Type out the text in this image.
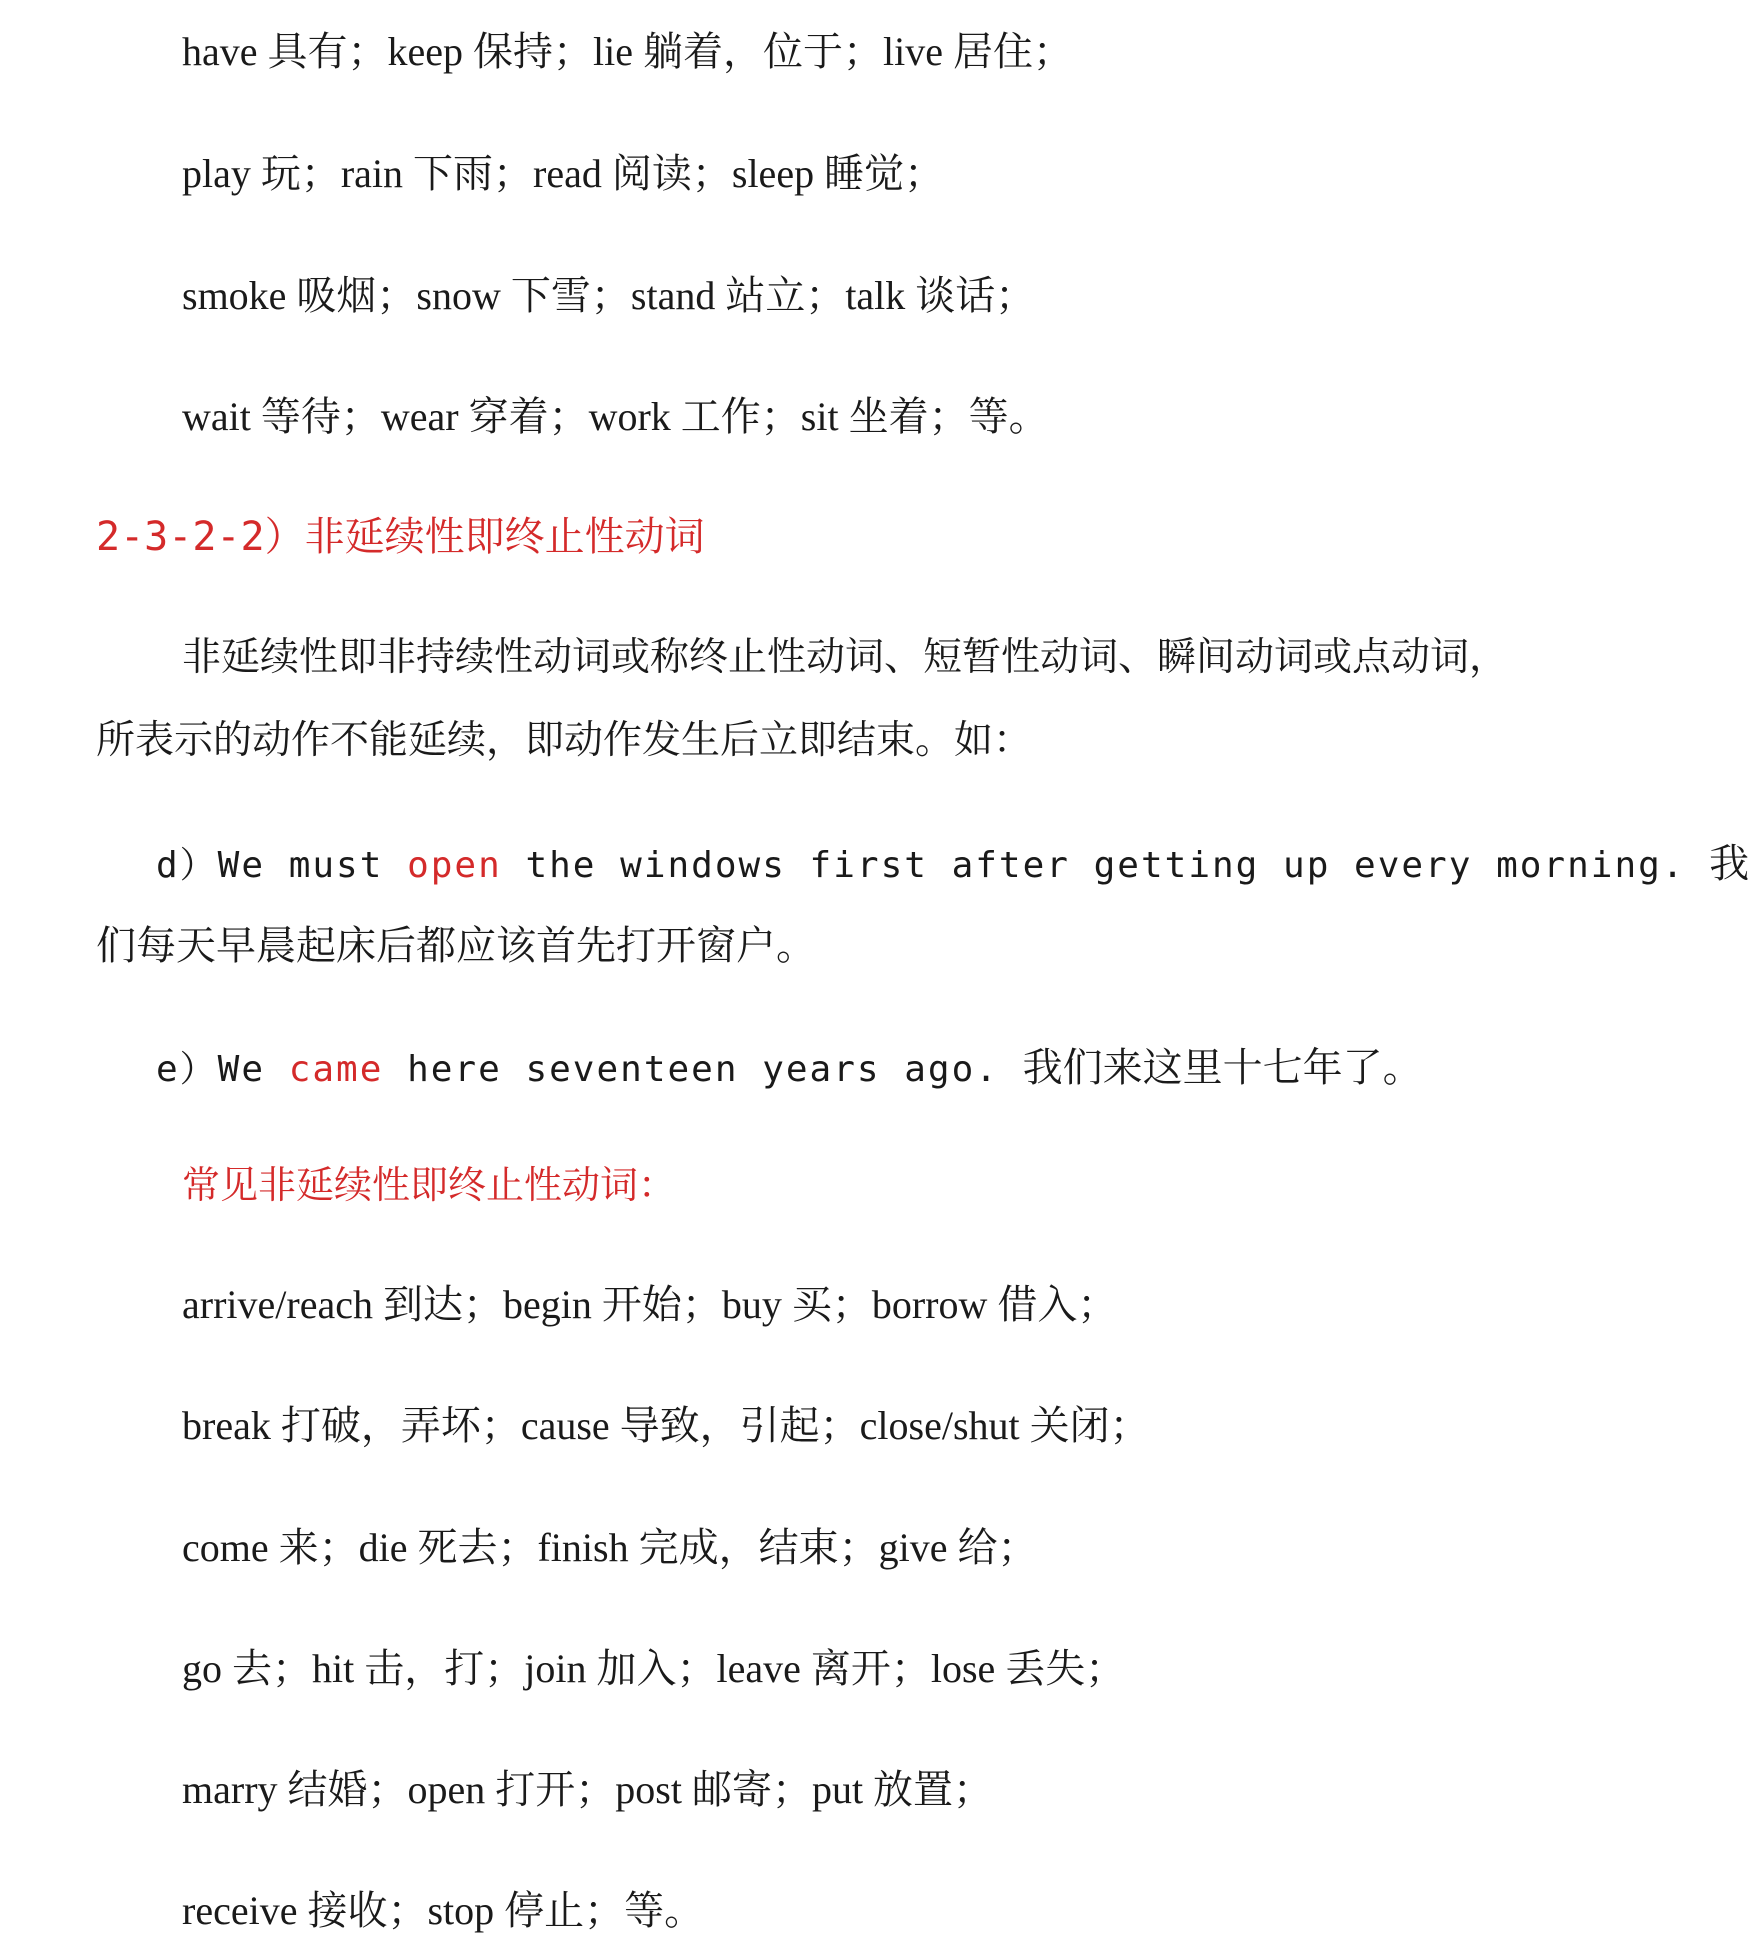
have 具有；keep 保持；lie 躺着，位于；live 居住；
play 玩；rain 下雨；read 阅读；sleep 睡觉；
smoke 吸烟；snow 下雪；stand 站立；talk 谈话；
wait 等待；wear 穿着；work 工作；sit 坐着；等。
2-3-2-2）非延续性即终止性动词
非延续性即非持续性动词或称终止性动词、短暂性动词、瞬间动词或点动词，
所表示的动作不能延续，即动作发生后立即结束。如：
d）We must open the windows first after getting up every morning. 我
们每天早晨起床后都应该首先打开窗户。
e）We came here seventeen years ago. 我们来这里十七年了。
常见非延续性即终止性动词：
arrive/reach 到达；begin 开始；buy 买；borrow 借入；
break 打破，弄坏；cause 导致，引起；close/shut 关闭；
come 来；die 死去；finish 完成，结束；give 给；
go 去；hit 击，打；join 加入；leave 离开；lose 丢失；
marry 结婚；open 打开；post 邮寄；put 放置；
receive 接收；stop 停止；等。
